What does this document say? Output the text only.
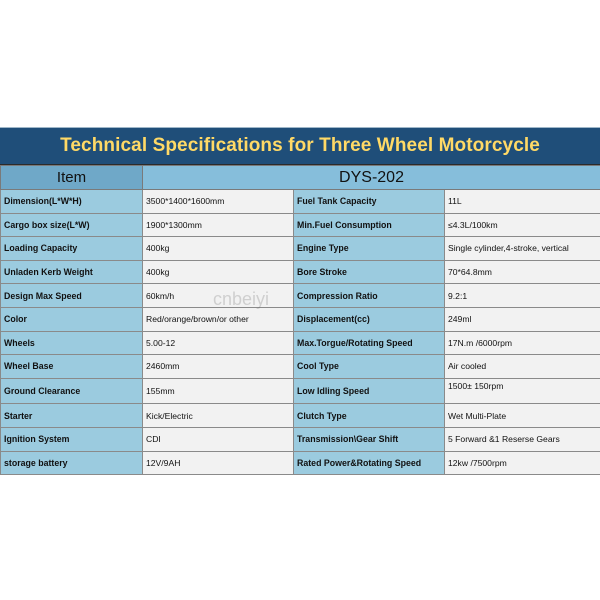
Technical Specifications for Three Wheel Motorcycle
Item	DYS-202		
Dimension(L*W*H)	3500*1400*1600mm	Fuel Tank Capacity	11L
Cargo box size(L*W)	1900*1300mm	Min.Fuel Consumption	≤4.3L/100km
Loading Capacity	400kg	Engine Type	Single cylinder,4-stroke, vertical
Unladen Kerb Weight	400kg	Bore Stroke	70*64.8mm
Design Max Speed	60km/h	Compression Ratio	9.2:1
Color	Red/orange/brown/or other	Displacement(cc)	249ml
Wheels	5.00-12	Max.Torgue/Rotating Speed	17N.m /6000rpm
Wheel Base	2460mm	Cool Type	Air cooled
Ground Clearance	155mm	Low Idling Speed	1500± 150rpm
Starter	Kick/Electric	Clutch Type	Wet Multi-Plate
Ignition System	CDI	Transmission\Gear Shift	5 Forward &1 Reserse Gears
storage battery	12V/9AH	Rated Power&Rotating Speed	12kw /7500rpm
cnbeiyi
